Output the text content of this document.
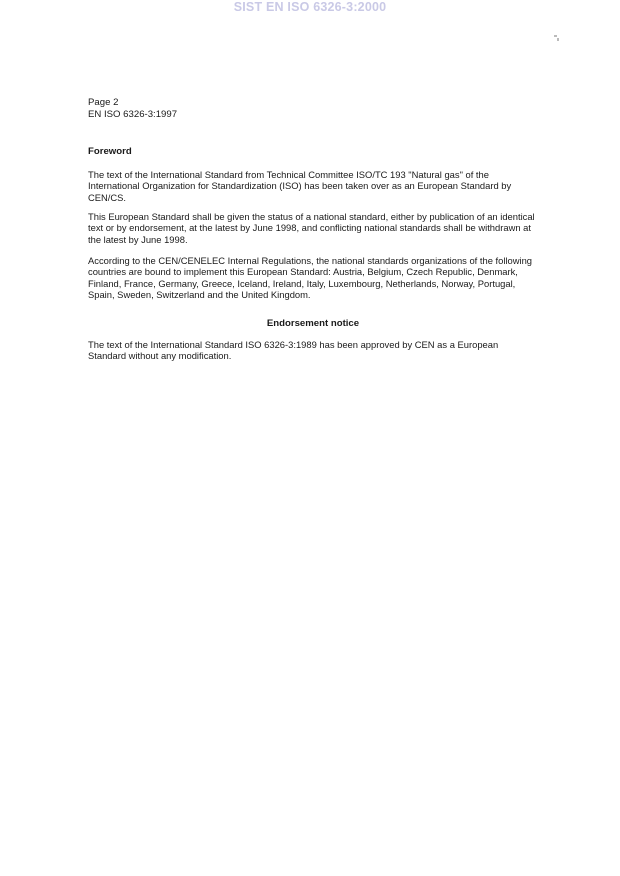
SIST EN ISO 6326-3:2000
Page 2
EN ISO 6326-3:1997
Foreword
The text of the International Standard from Technical Committee ISO/TC 193 "Natural gas" of the International Organization for Standardization (ISO) has been taken over as an European Standard by CEN/CS.
This European Standard shall be given the status of a national standard, either by publication of an identical text or by endorsement, at the latest by June 1998, and conflicting national standards shall be withdrawn at the latest by June 1998.
According to the CEN/CENELEC Internal Regulations, the national standards organizations of the following countries are bound to implement this European Standard: Austria, Belgium, Czech Republic, Denmark, Finland, France, Germany, Greece, Iceland, Ireland, Italy, Luxembourg, Netherlands, Norway, Portugal, Spain, Sweden, Switzerland and the United Kingdom.
Endorsement notice
The text of the International Standard ISO 6326-3:1989 has been approved by CEN as a European Standard without any modification.
